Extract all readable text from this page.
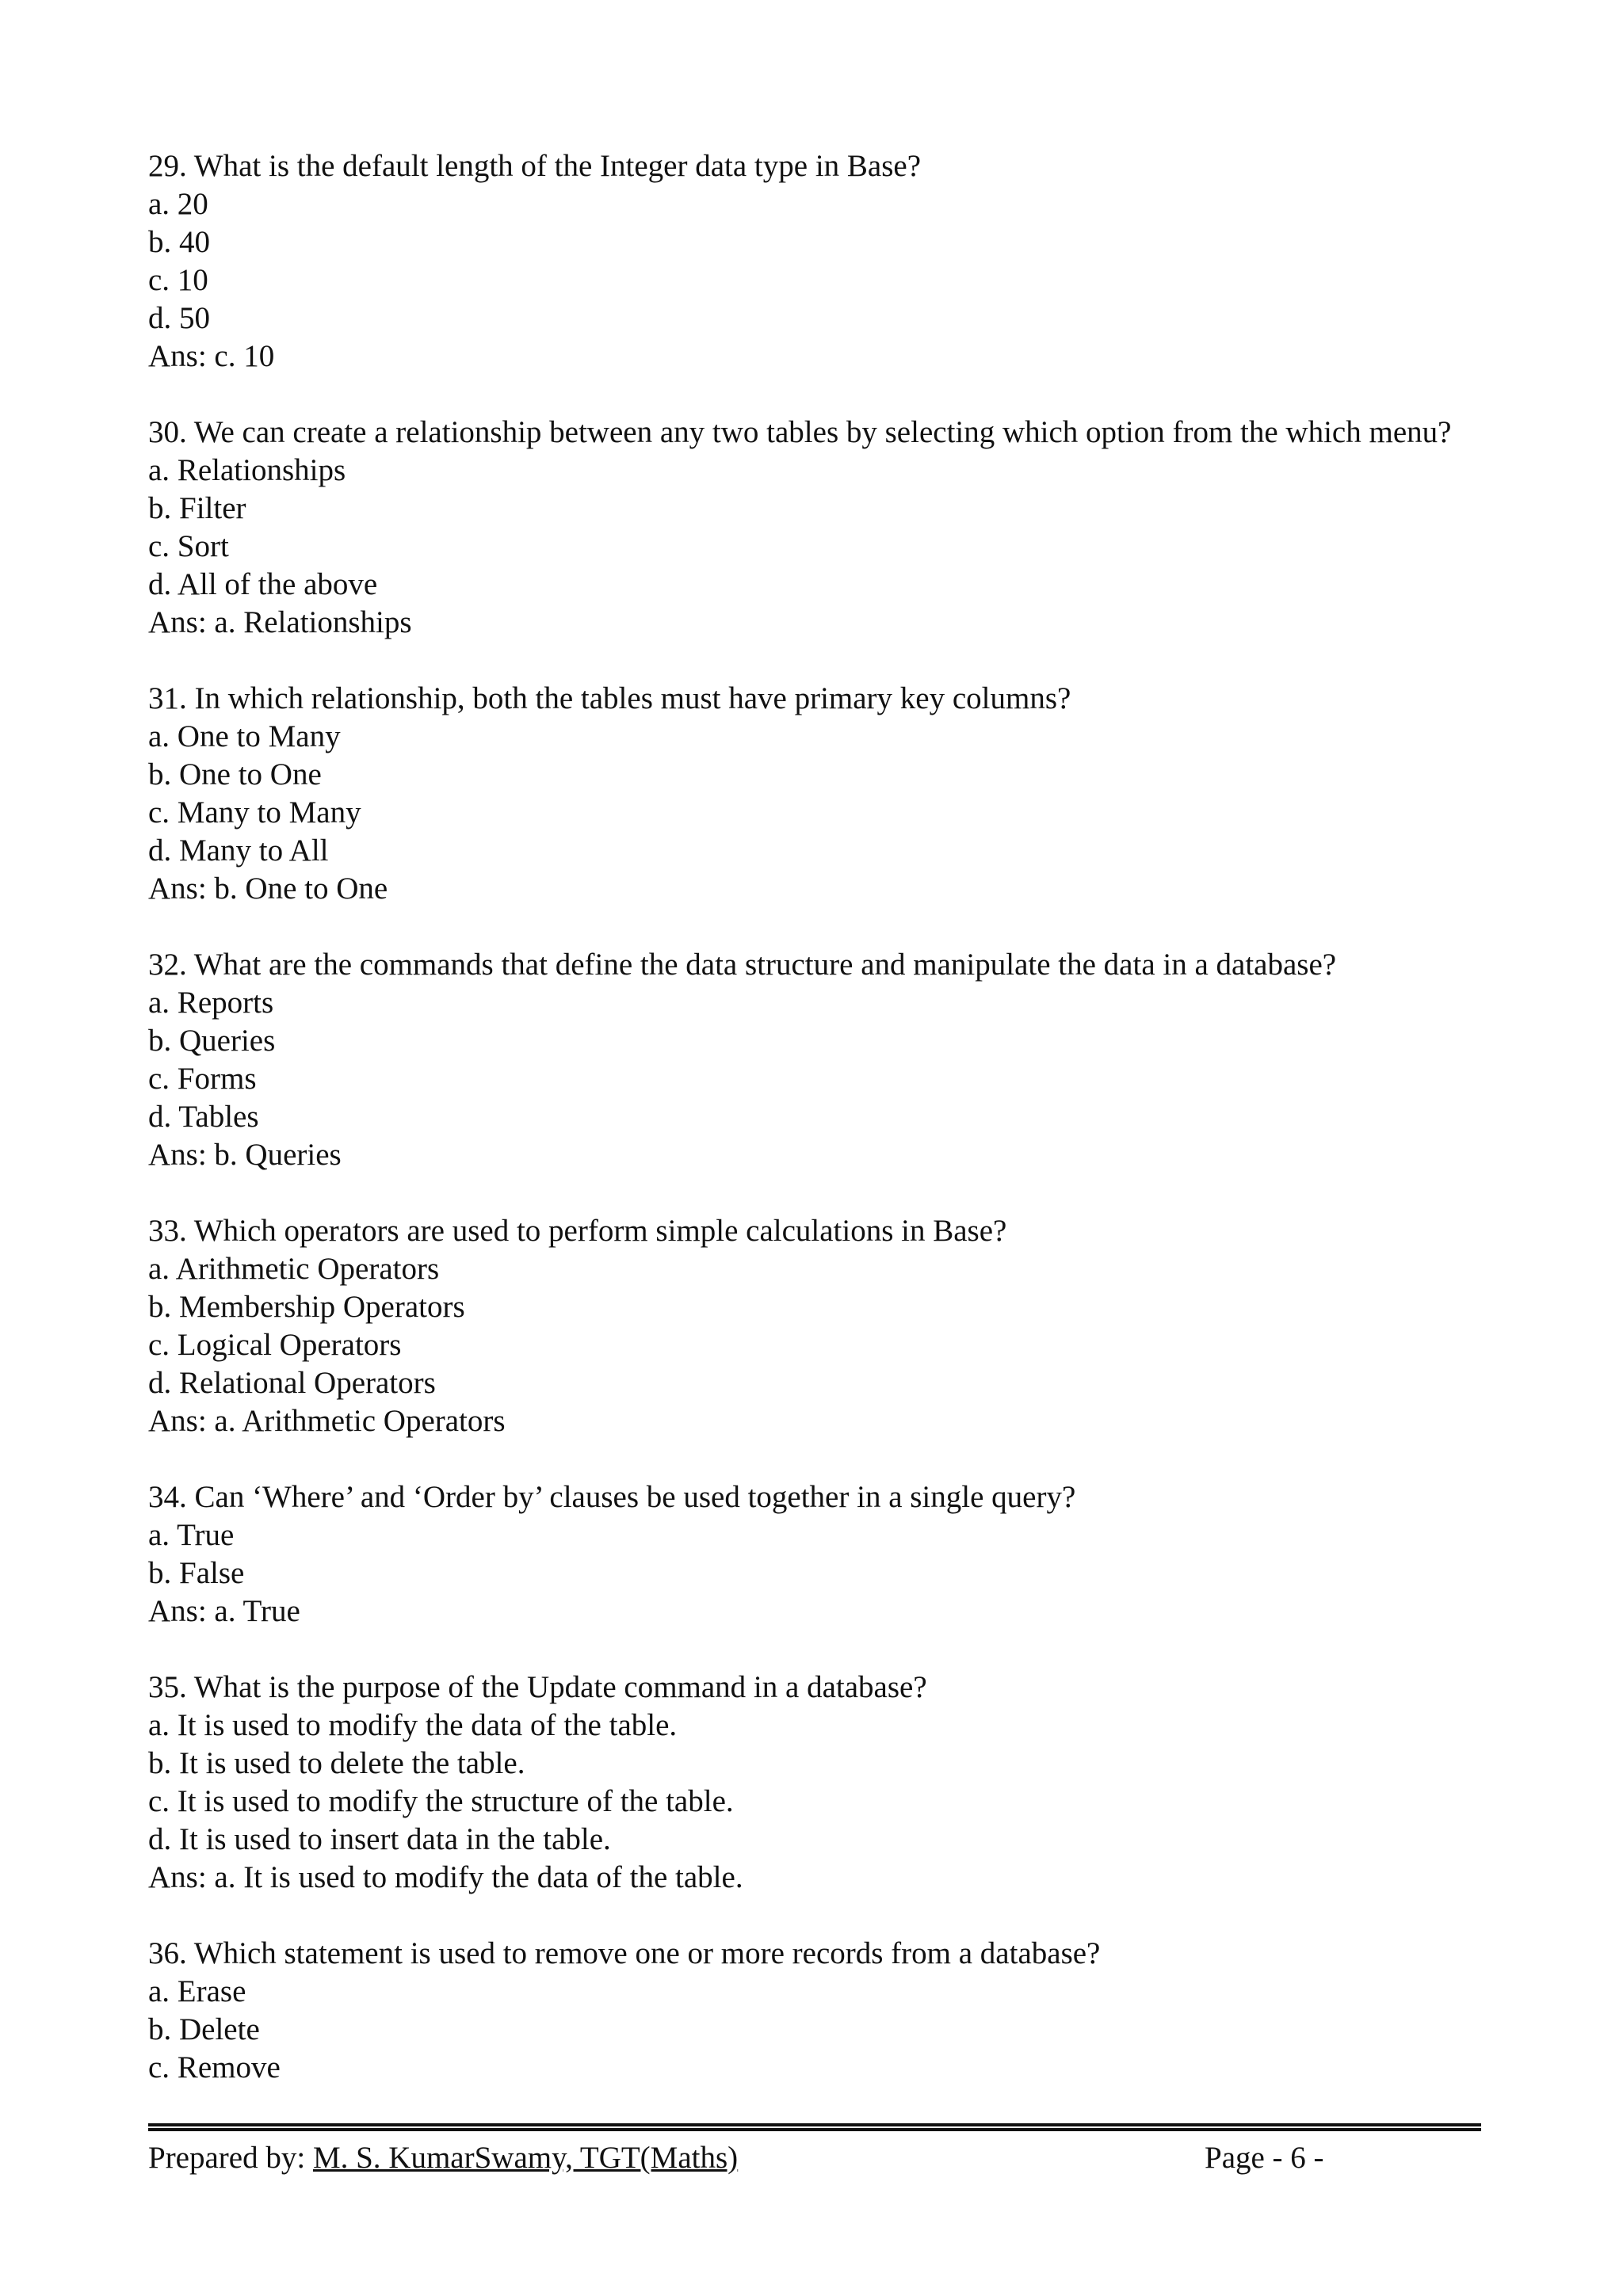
29. What is the default length of the Integer data type in Base?

a. 20

b. 40

c. 10

d. 50

Ans: c. 10

30. We can create a relationship between any two tables by selecting which option from the which menu?

a. Relationships

b. Filter

c. Sort

d. All of the above

Ans: a. Relationships

31. In which relationship, both the tables must have primary key columns?

a. One to Many

b. One to One

c. Many to Many

d. Many to All

Ans: b. One to One

32. What are the commands that define the data structure and manipulate the data in a database?

a. Reports

b. Queries

c. Forms

d. Tables

Ans: b. Queries

33. Which operators are used to perform simple calculations in Base?

a. Arithmetic Operators

b. Membership Operators

c. Logical Operators

d. Relational Operators

Ans: a. Arithmetic Operators

34. Can ‘Where’ and ‘Order by’ clauses be used together in a single query?

a. True

b. False

Ans: a. True

35. What is the purpose of the Update command in a database?

a. It is used to modify the data of the table.

b. It is used to delete the table.

c. It is used to modify the structure of the table.

d. It is used to insert data in the table.

Ans: a. It is used to modify the data of the table.

36. Which statement is used to remove one or more records from a database?

a. Erase

b. Delete

c. Remove

Prepared by: M. S. KumarSwamy, TGT(Maths)	Page - 6 -
